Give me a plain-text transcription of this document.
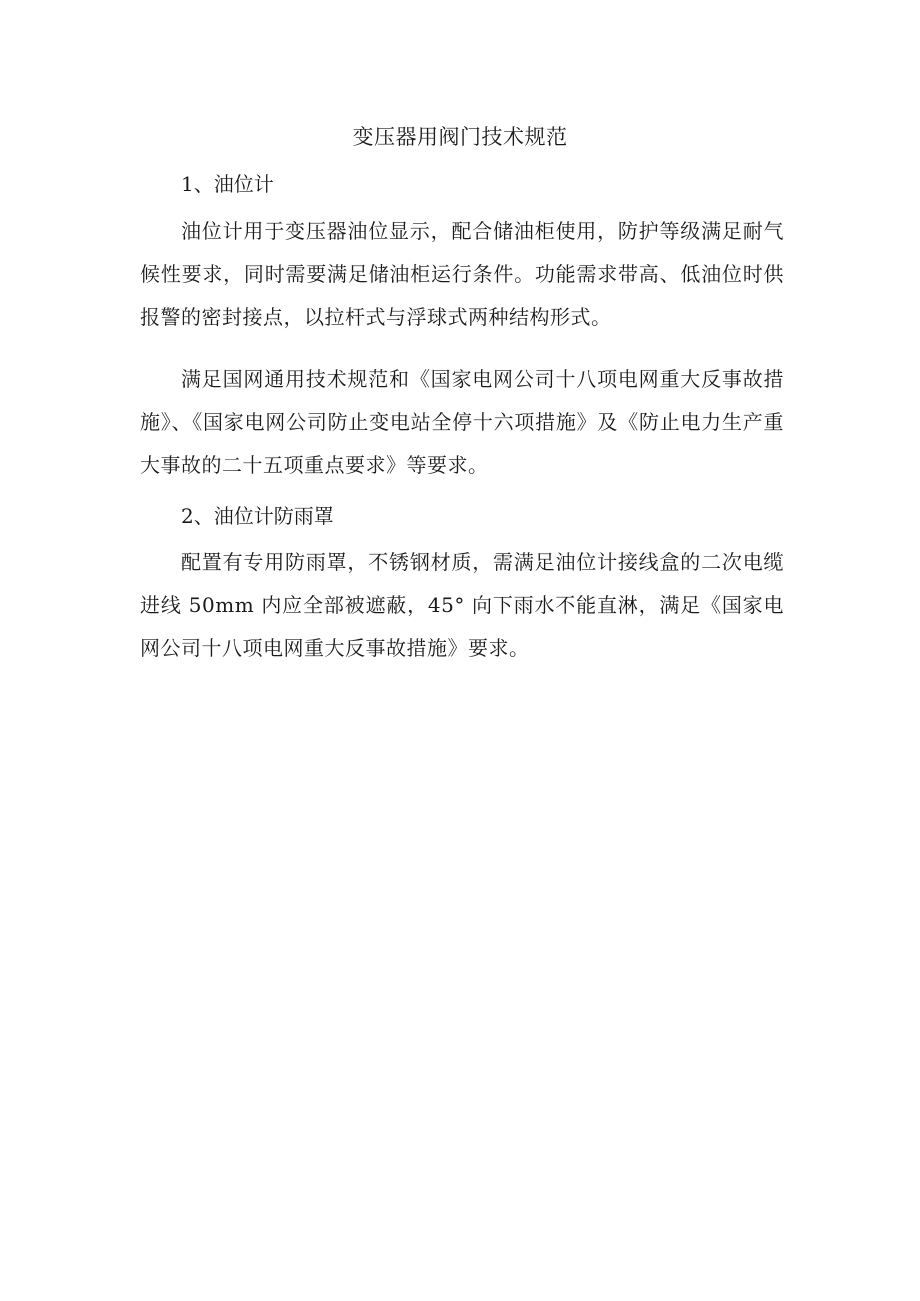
变压器用阀门技术规范
1、油位计

油位计用于变压器油位显示，配合储油柜使用，防护等级满足耐气候性要求，同时需要满足储油柜运行条件。功能需求带高、低油位时供报警的密封接点，以拉杆式与浮球式两种结构形式。

满足国网通用技术规范和《国家电网公司十八项电网重大反事故措施》、《国家电网公司防止变电站全停十六项措施》及《防止电力生产重大事故的二十五项重点要求》等要求。

2、油位计防雨罩

配置有专用防雨罩，不锈钢材质，需满足油位计接线盒的二次电缆进线 50mm 内应全部被遮蔽，45° 向下雨水不能直淋，满足《国家电网公司十八项电网重大反事故措施》要求。
